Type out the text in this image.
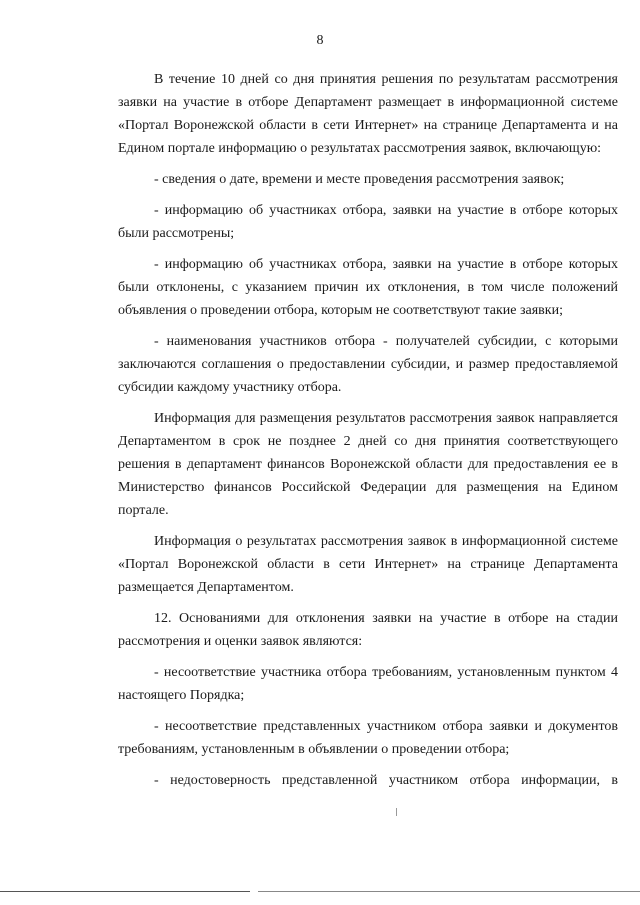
8

В течение 10 дней со дня принятия решения по результатам рассмотрения заявки на участие в отборе Департамент размещает в информационной системе «Портал Воронежской области в сети Интернет» на странице Департамента и на Едином портале информацию о результатах рассмотрения заявок, включающую:

- сведения о дате, времени и месте проведения рассмотрения заявок;

- информацию об участниках отбора, заявки на участие в отборе которых были рассмотрены;

- информацию об участниках отбора, заявки на участие в отборе которых были отклонены, с указанием причин их отклонения, в том числе положений объявления о проведении отбора, которым не соответствуют такие заявки;

- наименования участников отбора - получателей субсидии, с которыми заключаются соглашения о предоставлении субсидии, и размер предоставляемой субсидии каждому участнику отбора.

Информация для размещения результатов рассмотрения заявок направляется Департаментом в срок не позднее 2 дней со дня принятия соответствующего решения в департамент финансов Воронежской области для предоставления ее в Министерство финансов Российской Федерации для размещения на Едином портале.

Информация о результатах рассмотрения заявок в информационной системе «Портал Воронежской области в сети Интернет» на странице Департамента размещается Департаментом.

12. Основаниями для отклонения заявки на участие в отборе на стадии рассмотрения и оценки заявок являются:

- несоответствие участника отбора требованиям, установленным пунктом 4 настоящего Порядка;

- несоответствие представленных участником отбора заявки и документов требованиям, установленным в объявлении о проведении отбора;

- недостоверность представленной участником отбора информации, в
